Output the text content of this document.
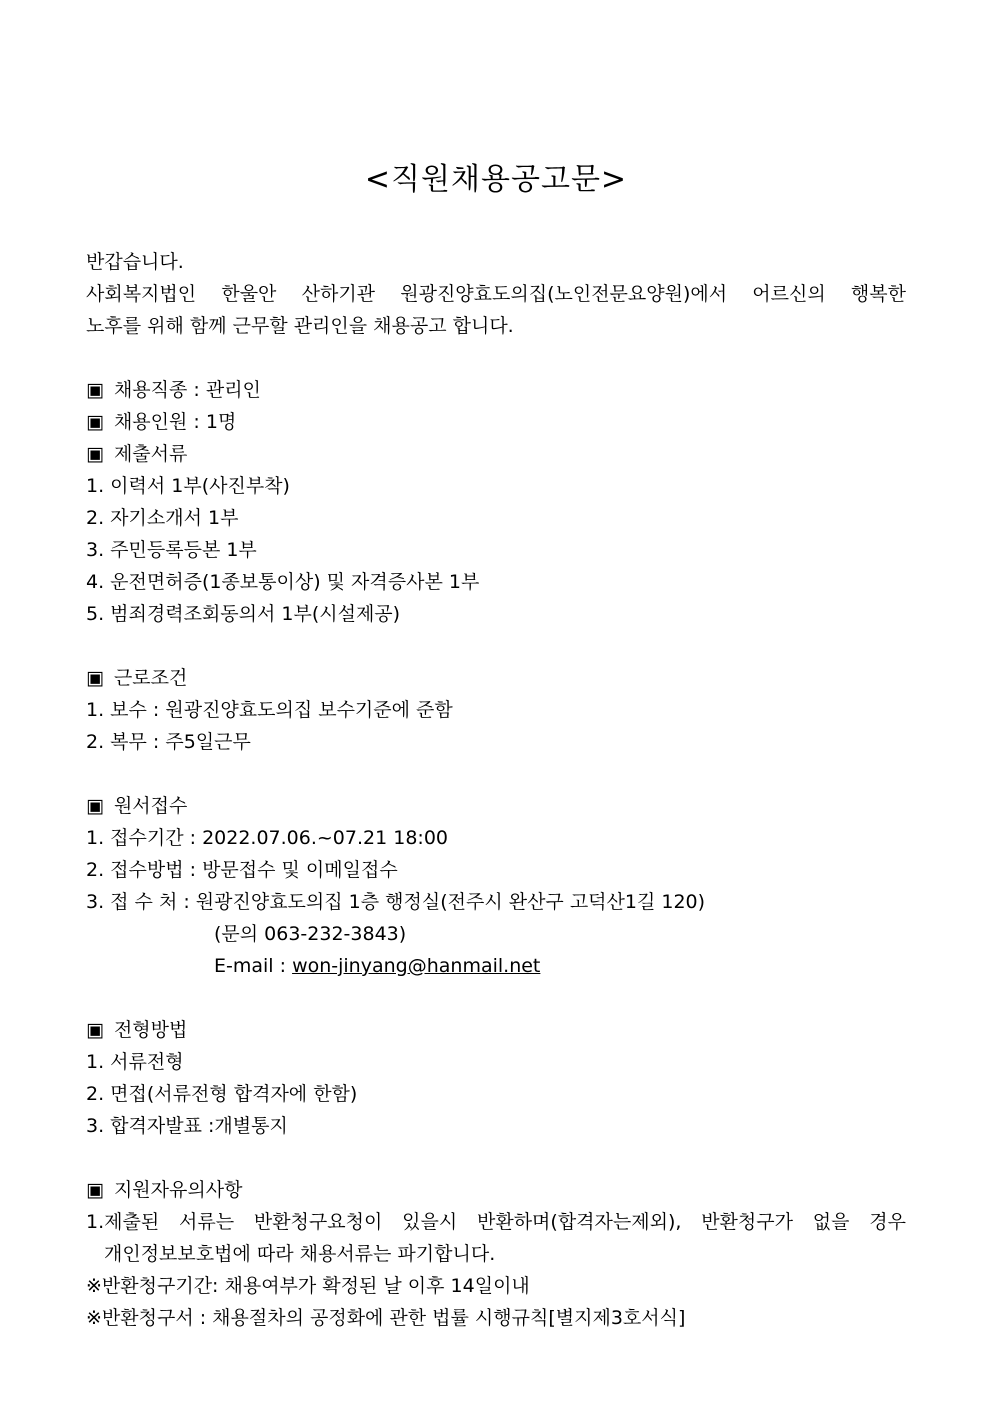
<직원채용공고문>
반갑습니다.
사회복지법인 한울안 산하기관 원광진양효도의집(노인전문요양원)에서 어르신의 행복한
노후를 위해 함께 근무할 관리인을 채용공고 합니다.
▣ 채용직종 : 관리인
▣ 채용인원 : 1명
▣ 제출서류
1. 이력서 1부(사진부착)
2. 자기소개서 1부
3. 주민등록등본 1부
4. 운전면허증(1종보통이상) 및 자격증사본 1부
5. 범죄경력조회동의서 1부(시설제공)
▣ 근로조건
1. 보수 : 원광진양효도의집 보수기준에 준함
2. 복무 : 주5일근무
▣ 원서접수
1. 접수기간 : 2022.07.06.~07.21 18:00
2. 접수방법 : 방문접수 및 이메일접수
3. 접 수 처 : 원광진양효도의집 1층 행정실(전주시 완산구 고덕산1길 120)
(문의 063-232-3843)
E-mail : won-jinyang@hanmail.net
▣ 전형방법
1. 서류전형
2. 면접(서류전형 합격자에 한함)
3. 합격자발표 :개별통지
▣ 지원자유의사항
1.제출된 서류는 반환청구요청이 있을시 반환하며(합격자는제외), 반환청구가 없을 경우
개인정보보호법에 따라 채용서류는 파기합니다.
※반환청구기간: 채용여부가 확정된 날 이후 14일이내
※반환청구서 : 채용절차의 공정화에 관한 법률 시행규칙[별지제3호서식]
